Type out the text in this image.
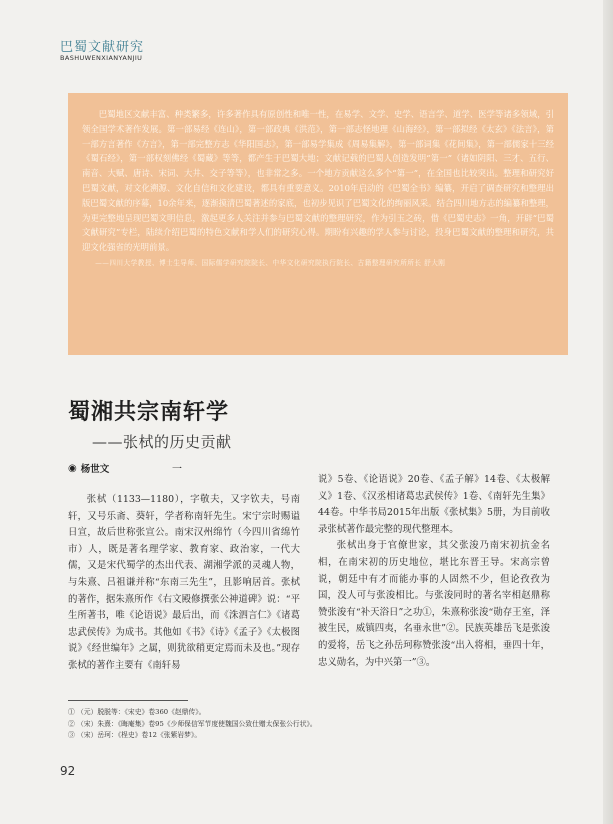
巴蜀文献研究
BASHUWENXIANYANJIU

巴蜀地区文献丰富、种类繁多，许多著作具有原创性和唯一性，在易学、文学、史学、语言学、道学、医学等诸多领域，引领全国学术著作发展。第一部易经《连山》，第一部政典《洪范》，第一部志怪地理《山海经》，第一部拟经《太玄》《法言》，第一部方言著作《方言》，第一部完整方志《华阳国志》，第一部易学集成《周易集解》，第一部词集《花间集》，第一部儒家十三经《蜀石经》，第一部权刻佛经《蜀藏》等等，都产生于巴蜀大地；文献记载的巴蜀人创造发明“第一”（诸如阴阳、三才、五行、南音、大赋、唐诗、宋词、大井、交子等等），也非常之多。一个地方贡献这么多个“第一”，在全国也比较突出。整理和研究好巴蜀文献，对文化溯源、文化自信和文化建设，都具有重要意义。2010年启动的《巴蜀全书》编纂，开启了调查研究和整理出版巴蜀文献的序幕，10余年来，逐渐摸清巴蜀著述的家底，也初步见识了巴蜀文化的绚丽风采。结合四川地方志的编纂和整理，为更完整地呈现巴蜀文明信息，激起更多人关注并参与巴蜀文献的整理研究，作为引玉之砖，借《巴蜀史志》一角，开辟“巴蜀文献研究”专栏，陆续介绍巴蜀的特色文献和学人们的研究心得。期盼有兴趣的学人参与讨论，投身巴蜀文献的整理和研究，共迎文化强省的光明前景。

——四川大学教授、博士生导师、国际儒学研究院院长、中华文化研究院执行院长、古籍整理研究所所长 舒大刚

蜀湘共宗南轩学
——张栻的历史贡献
◉ 杨世文	一

张栻（1133—1180），字敬夫，又字钦夫，号南轩，又号乐斋、葵轩，学者称南轩先生。宋宁宗时赐谥日宣，故后世称张宣公。南宋汉州绵竹（今四川省绵竹市）人，既是著名理学家、教育家、政治家，一代大儒，又是宋代蜀学的杰出代表、湖湘学派的灵魂人物，与朱熹、吕祖谦并称“东南三先生”，且影响居首。张栻的著作，据朱熹所作《右文殿修撰张公神道碑》说：“平生所著书，唯《论语说》最后出，而《洙泗言仁》《诸葛忠武侯传》为成书。其他如《书》《诗》《孟子》《太极图说》《经世编年》之属，则犹欲稍更定焉而未及也。”现存张栻的著作主要有《南轩易

说》5卷、《论语说》20卷、《孟子解》14卷、《太极解义》1卷、《汉丞相诸葛忠武侯传》1卷、《南轩先生集》44卷。中华书局2015年出版《张栻集》5册，为目前收录张栻著作最完整的现代整理本。

张栻出身于官僚世家，其父张浚乃南宋初抗金名相，在南宋初的历史地位，堪比东晋王导。宋高宗曾说，朝廷中有才而能办事的人固然不少，但论孜孜为国，没人可与张浚相比。与张浚同时的著名宰相赵鼎称赞张浚有“补天浴日”之功①，朱熹称张浚“勋存王室，泽被生民，威镇四夷，名垂永世”②。民族英雄岳飞是张浚的爱将，岳飞之孙岳珂称赞张浚“出入将相，垂四十年，忠义勋名，为中兴第一”③。

① （元）脱脱等：《宋史》卷360《赵鼎传》。
② （宋）朱熹：《晦庵集》卷95《少师保信军节度使魏国公致仕赠太保张公行状》。
③ （宋）岳珂：《桯史》卷12《张紫岩梦》。
92
